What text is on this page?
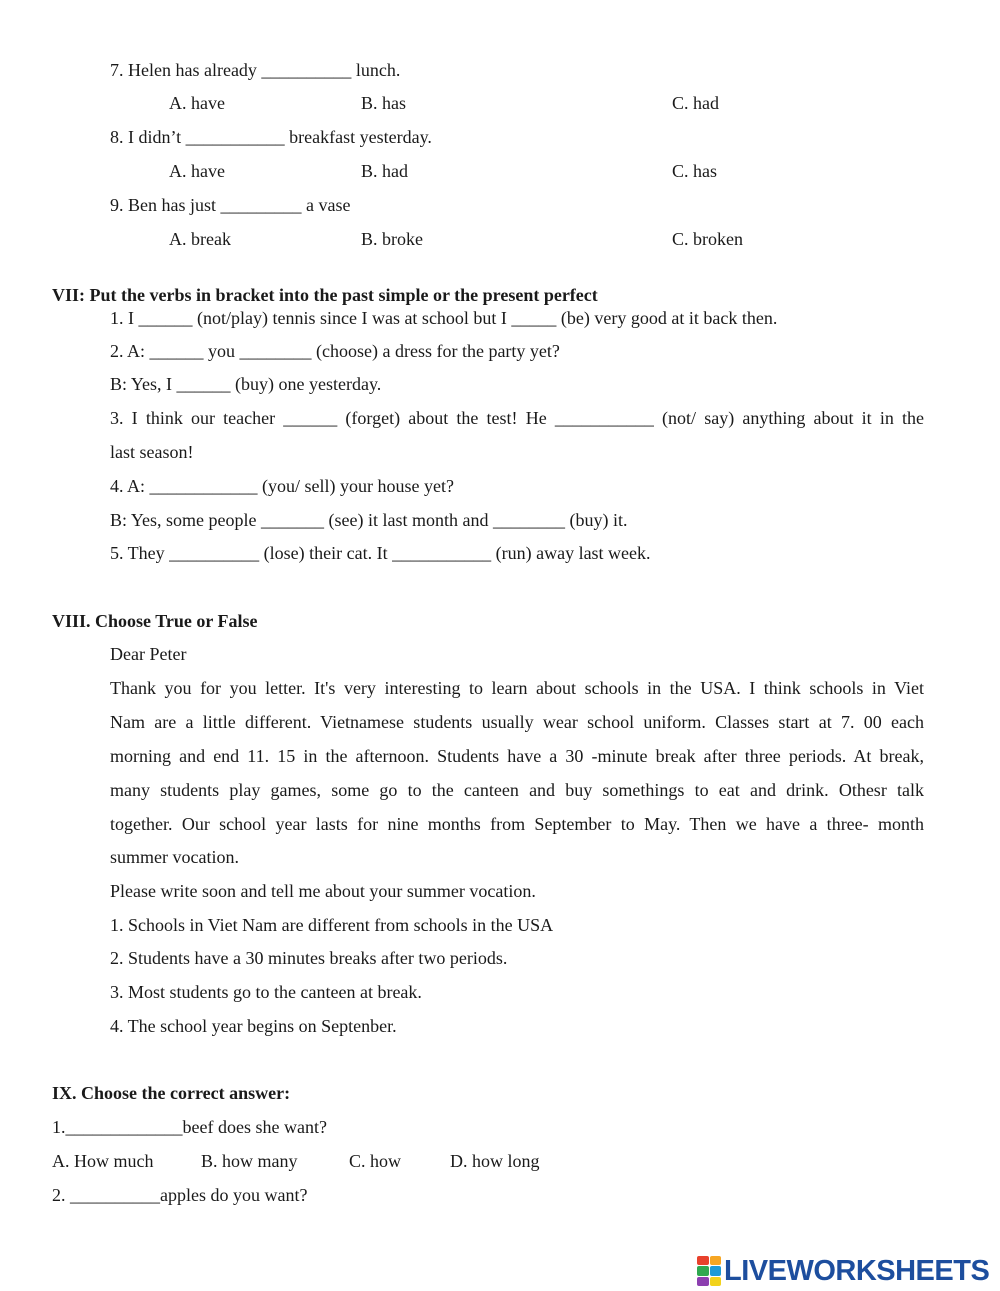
7. Helen has already __________ lunch.
A. have	B. has	C. had
8. I didn’t ___________ breakfast yesterday.
A. have	B. had	C. has
9. Ben has just _________ a vase
A. break	B. broke	C. broken
VII: Put the verbs in bracket into the past simple or the present perfect
1. I ______ (not/play) tennis since I was at school but I _____ (be) very good at it back then.
2. A: ______ you ________ (choose) a dress for the party yet?
B: Yes, I ______ (buy) one yesterday.
3. I think our teacher ______ (forget) about the test! He ___________ (not/ say) anything about it in the
last season!
4. A: ____________ (you/ sell) your house yet?
B: Yes, some people _______ (see) it last month and ________ (buy) it.
5. They __________ (lose) their cat. It ___________ (run) away last week.
VIII. Choose True or False
Dear Peter
Thank you for you letter. It's very interesting to learn about schools in the USA. I think schools in Viet
Nam are a little different. Vietnamese students usually wear school uniform. Classes start at 7. 00 each
morning and end 11. 15 in the afternoon. Students have a 30 -minute break after three periods. At break,
many students play games, some go to the canteen and buy somethings to eat and drink. Othesr talk
together. Our school year lasts for nine months from September to May. Then we have a three- month
summer vocation.
Please write soon and tell me about your summer vocation.
1. Schools in Viet Nam are different from schools in the USA
2. Students have a 30 minutes breaks after two periods.
3. Most students go to the canteen at break.
4. The school year begins on Septenber.
IX. Choose the correct answer:
1._____________beef does she want?
A. How much	B. how many	C. how	D. how long
2. __________apples do you want?
LIVEWORKSHEETS
